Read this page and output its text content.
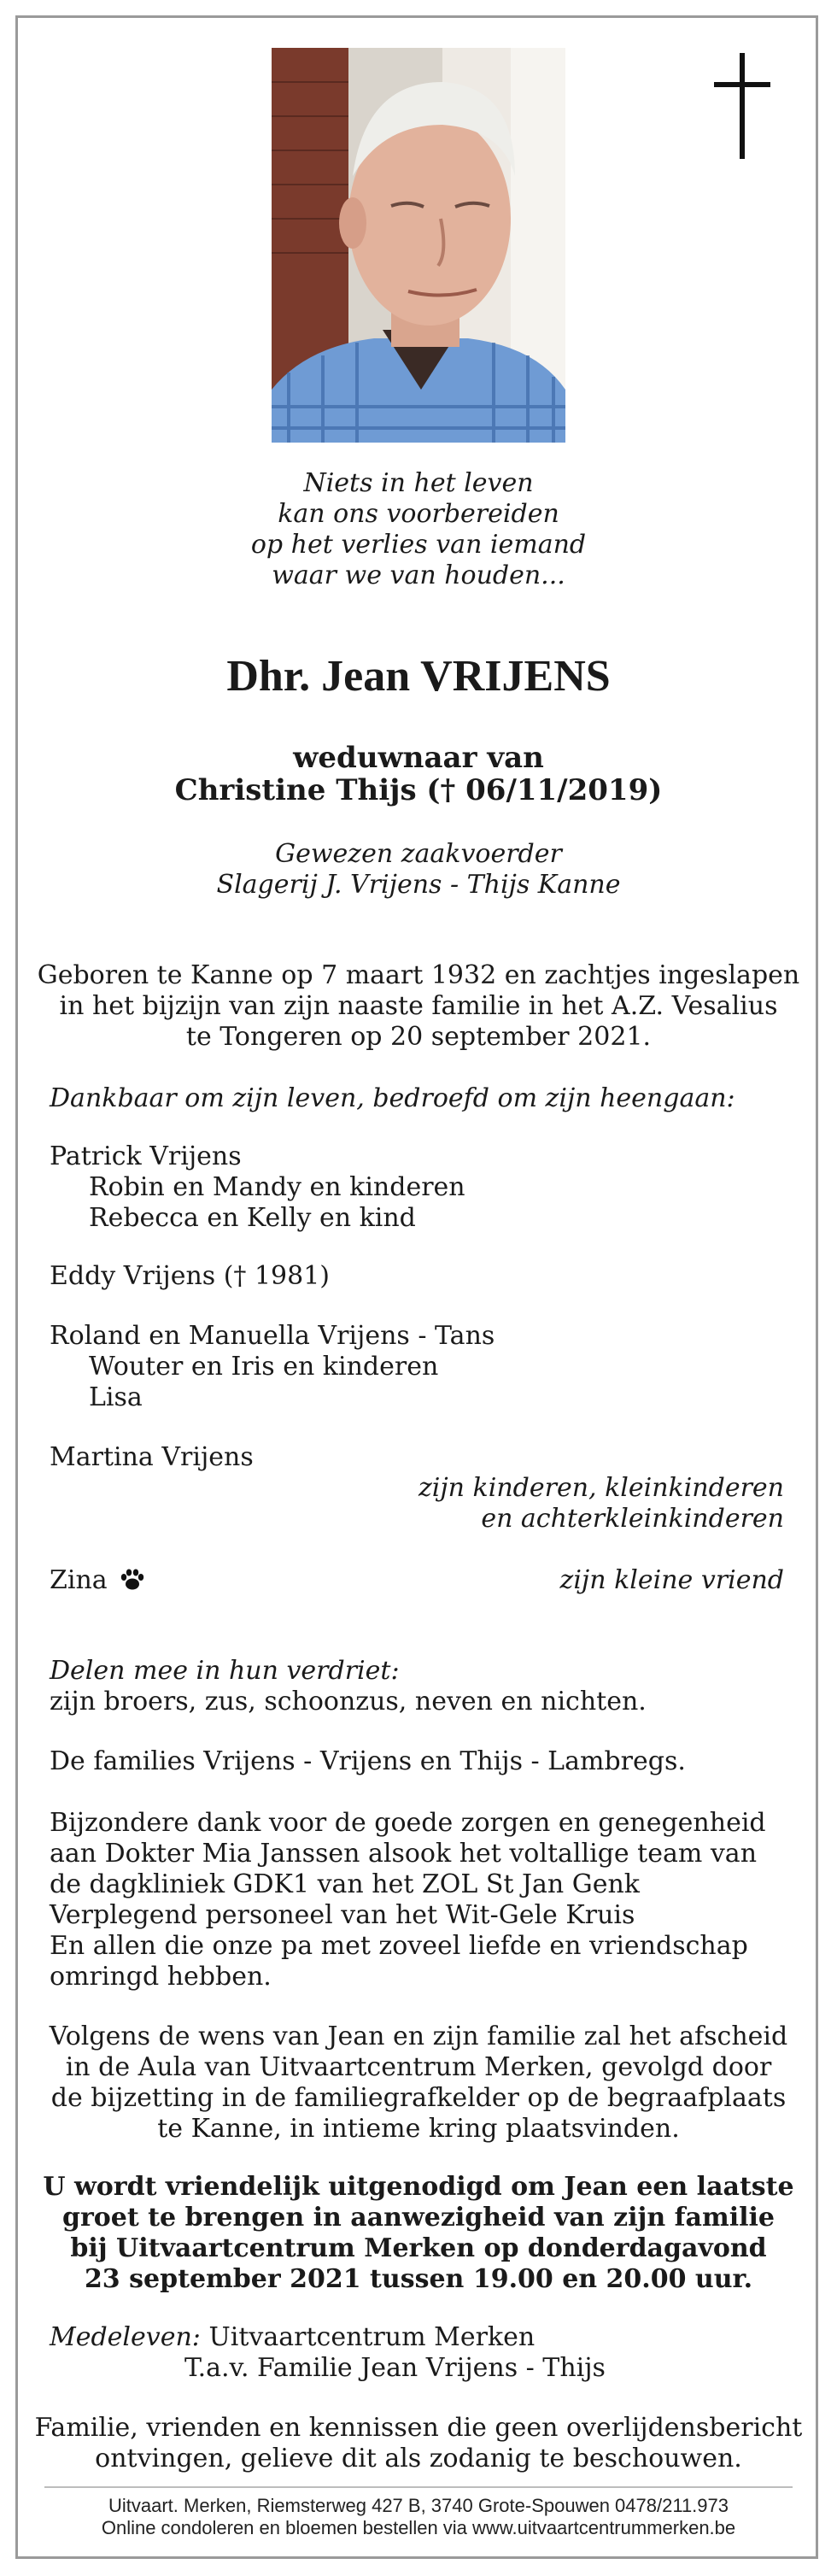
Niets in het leven
kan ons voorbereiden
op het verlies van iemand
waar we van houden...
Dhr. Jean VRIJENS
weduwnaar van
Christine Thijs († 06/11/2019)
Gewezen zaakvoerder
Slagerij J. Vrijens - Thijs Kanne
Geboren te Kanne op 7 maart 1932 en zachtjes ingeslapen
in het bijzijn van zijn naaste familie in het A.Z. Vesalius
te Tongeren op 20 september 2021.
Dankbaar om zijn leven, bedroefd om zijn heengaan:
Patrick Vrijens
Robin en Mandy en kinderen
Rebecca en Kelly en kind
Eddy Vrijens († 1981)
Roland en Manuella Vrijens - Tans
Wouter en Iris en kinderen
Lisa
Martina Vrijens
zijn kinderen, kleinkinderen
en achterkleinkinderen
Zina	zijn kleine vriend
Delen mee in hun verdriet:
zijn broers, zus, schoonzus, neven en nichten.
De families Vrijens - Vrijens en Thijs - Lambregs.
Bijzondere dank voor de goede zorgen en genegenheid
aan Dokter Mia Janssen alsook het voltallige team van
de dagkliniek GDK1 van het ZOL St Jan Genk
Verplegend personeel van het Wit-Gele Kruis
En allen die onze pa met zoveel liefde en vriendschap
omringd hebben.
Volgens de wens van Jean en zijn familie zal het afscheid
in de Aula van Uitvaartcentrum Merken, gevolgd door
de bijzetting in de familiegrafkelder op de begraafplaats
te Kanne, in intieme kring plaatsvinden.
U wordt vriendelijk uitgenodigd om Jean een laatste
groet te brengen in aanwezigheid van zijn familie
bij Uitvaartcentrum Merken op donderdagavond
23 september 2021 tussen 19.00 en 20.00 uur.
Medeleven: Uitvaartcentrum Merken
T.a.v. Familie Jean Vrijens - Thijs
Familie, vrienden en kennissen die geen overlijdensbericht
ontvingen, gelieve dit als zodanig te beschouwen.
Uitvaart. Merken, Riemsterweg 427 B, 3740 Grote-Spouwen 0478/211.973
Online condoleren en bloemen bestellen via www.uitvaartcentrummerken.be
